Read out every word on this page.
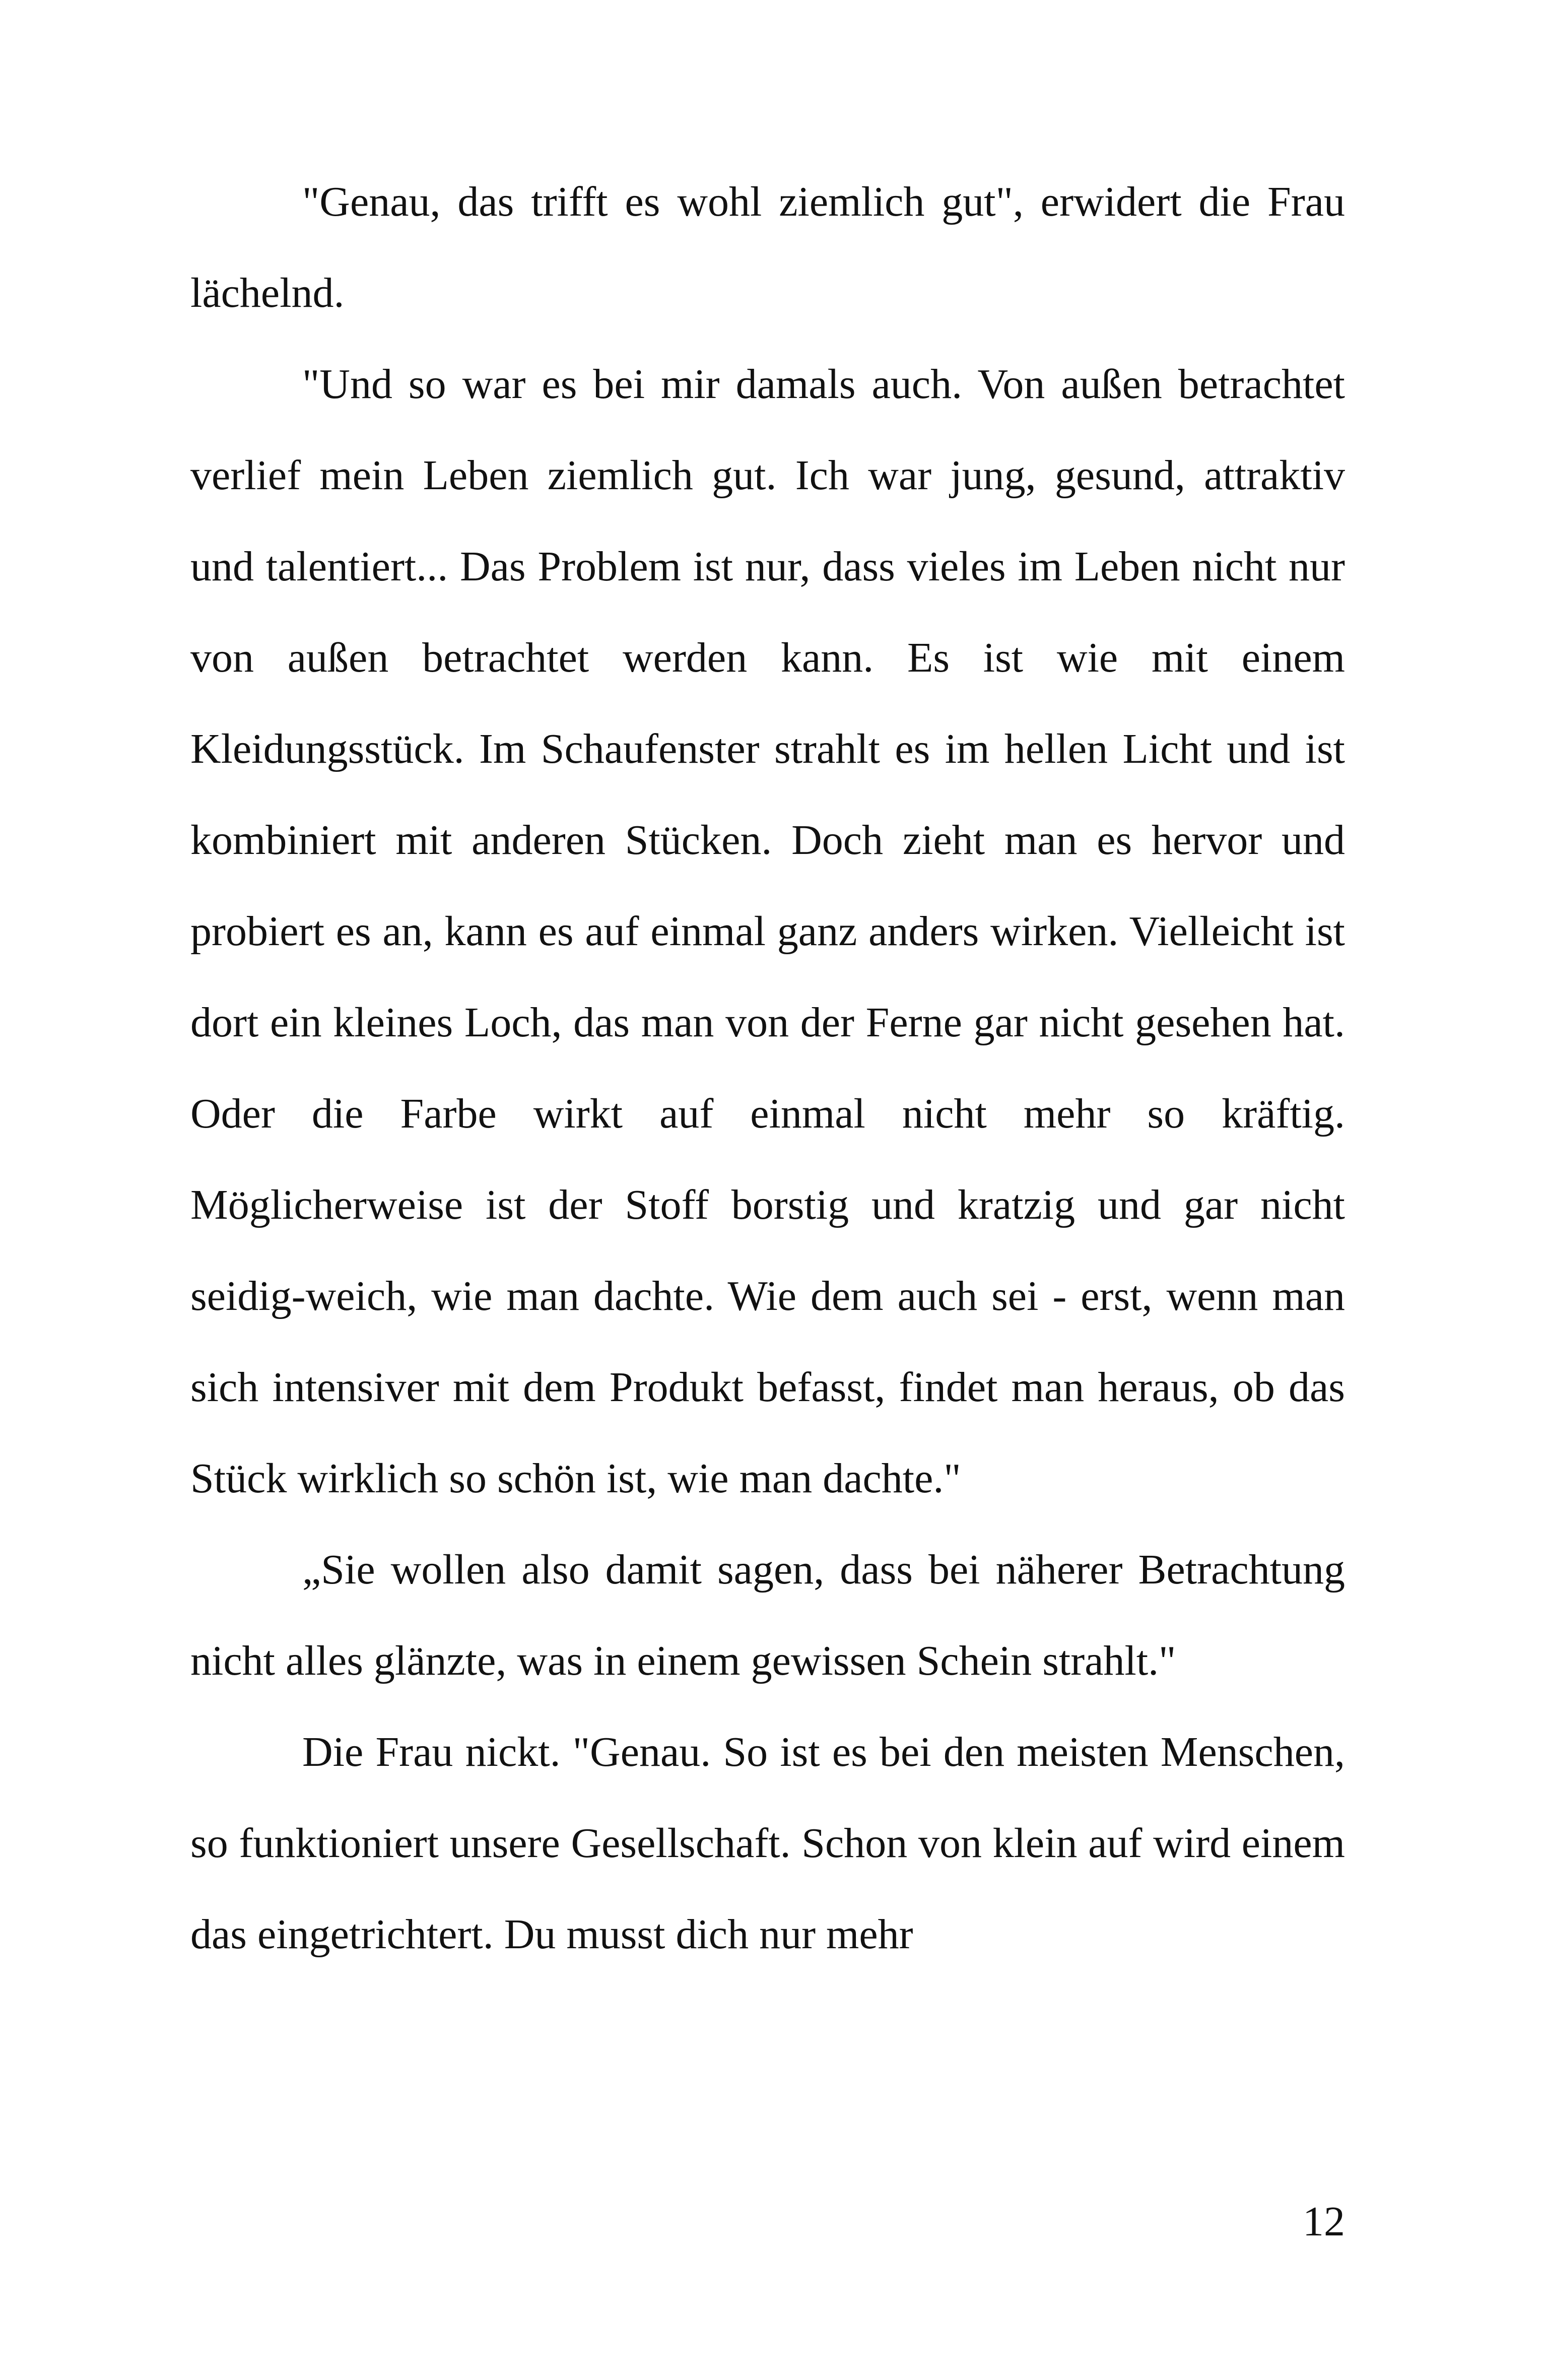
"Genau, das trifft es wohl ziemlich gut", erwidert die Frau lächelnd.

"Und so war es bei mir damals auch. Von außen betrachtet verlief mein Leben ziemlich gut. Ich war jung, gesund, attraktiv und talentiert... Das Problem ist nur, dass vieles im Leben nicht nur von außen betrachtet werden kann. Es ist wie mit einem Kleidungsstück. Im Schaufenster strahlt es im hellen Licht und ist kombiniert mit anderen Stücken. Doch zieht man es hervor und probiert es an, kann es auf einmal ganz anders wirken. Vielleicht ist dort ein kleines Loch, das man von der Ferne gar nicht gesehen hat. Oder die Farbe wirkt auf einmal nicht mehr so kräftig. Möglicherweise ist der Stoff borstig und kratzig und gar nicht seidig-weich, wie man dachte. Wie dem auch sei - erst, wenn man sich intensiver mit dem Produkt befasst, findet man heraus, ob das Stück wirklich so schön ist, wie man dachte."

„Sie wollen also damit sagen, dass bei näherer Betrachtung nicht alles glänzte, was in einem gewissen Schein strahlt."

Die Frau nickt. "Genau. So ist es bei den meisten Menschen, so funktioniert unsere Gesellschaft. Schon von klein auf wird einem das eingetrichtert. Du musst dich nur mehr

12
